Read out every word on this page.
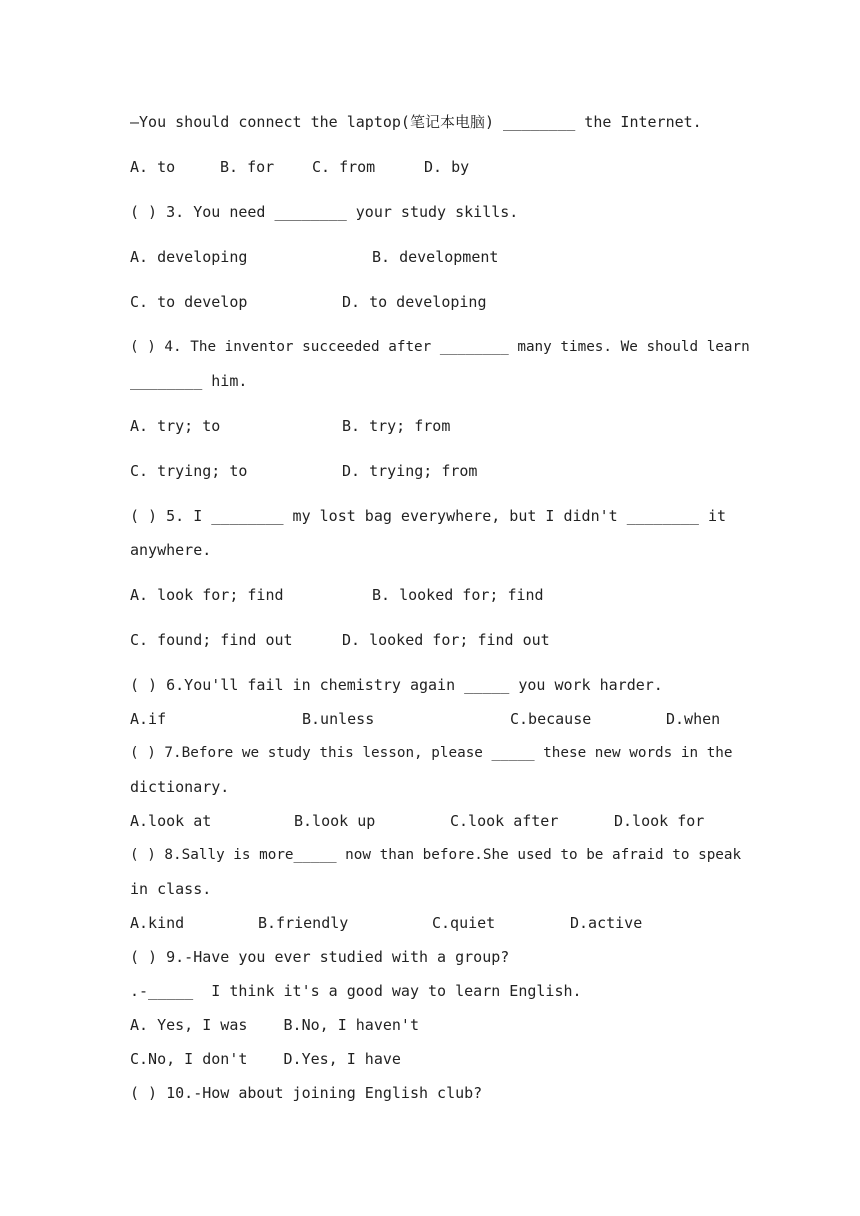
—You should connect the laptop(笔记本电脑) ________ the Internet.
A. to	B. for	C. from	D. by
( ) 3. You need ________ your study skills.
A. developing	B. development
C. to develop	D. to developing
( ) 4. The inventor succeeded after ________ many times. We should learn
________ him.
A. try; to	B. try; from
C. trying; to	D. trying; from
( ) 5. I ________ my lost bag everywhere, but I didn't ________ it
anywhere.
A. look for; find	B. looked for; find
C. found; find out	D. looked for; find out
( ) 6.You'll fail in chemistry again _____ you work harder.
A.if	B.unless	C.because	D.when
( ) 7.Before we study this lesson, please _____ these new words in the
dictionary.
A.look at	B.look up	C.look after	D.look for
( ) 8.Sally is more_____ now than before.She used to be afraid to speak
in class.
A.kind	B.friendly	C.quiet	D.active
( ) 9.-Have you ever studied with a group?
.-_____  I think it's a good way to learn English.
A. Yes, I was    B.No, I haven't
C.No, I don't    D.Yes, I have
( ) 10.-How about joining English club?
